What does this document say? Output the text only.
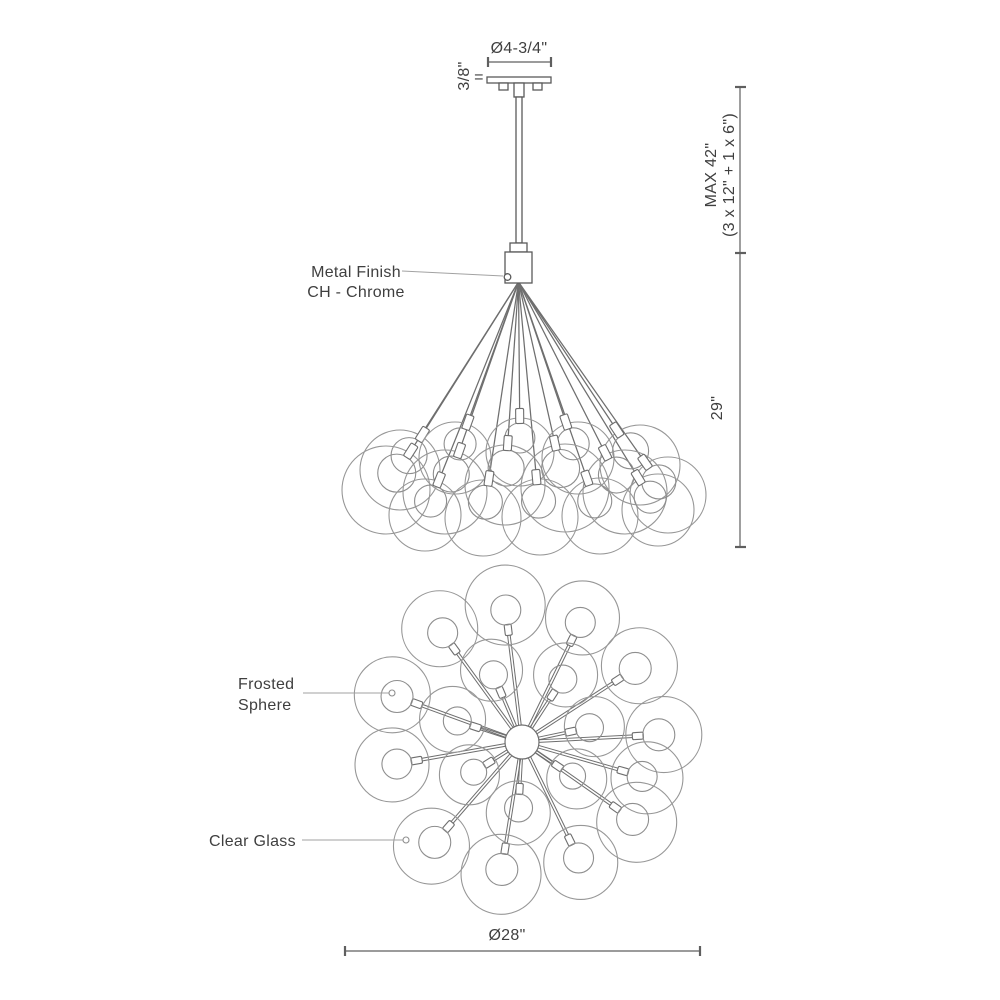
Ø4-3/4"
3/8" =
MAX 42" (3 x 12" + 1 x 6")
29"
Ø28"
Metal Finish
CH - Chrome
Frosted
Sphere
Clear Glass
